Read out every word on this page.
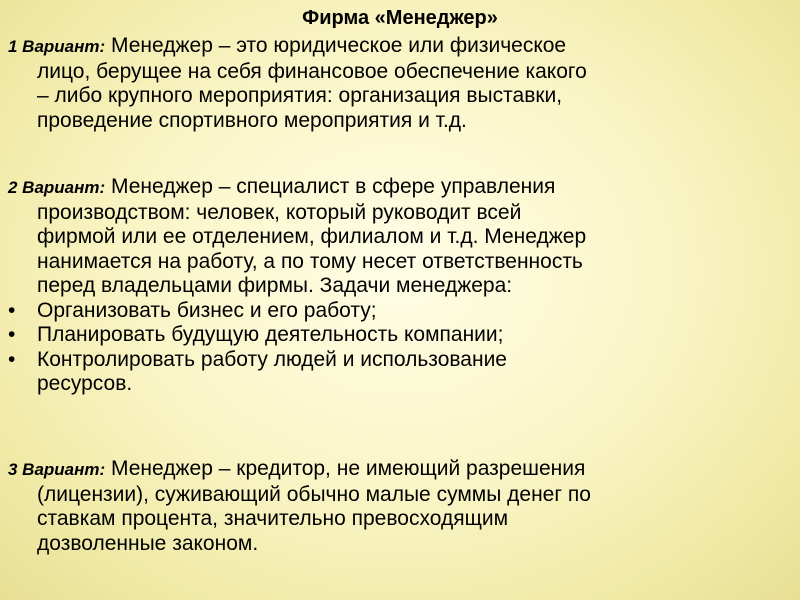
Фирма «Менеджер»
1 Вариант: Менеджер – это юридическое или физическое
лицо, берущее на себя финансовое обеспечение какого
– либо крупного мероприятия: организация выставки,
проведение спортивного мероприятия и т.д.
2 Вариант: Менеджер – специалист в сфере управления
производством: человек, который руководит всей
фирмой или ее отделением, филиалом и т.д. Менеджер
нанимается на работу, а по тому несет ответственность
перед владельцами фирмы. Задачи менеджера:
•	Организовать бизнес и его работу;
•	Планировать будущую деятельность компании;
•	Контролировать работу людей и использование
ресурсов.
3 Вариант: Менеджер – кредитор, не имеющий разрешения
(лицензии), суживающий обычно малые суммы денег по
ставкам процента, значительно превосходящим
дозволенные законом.
